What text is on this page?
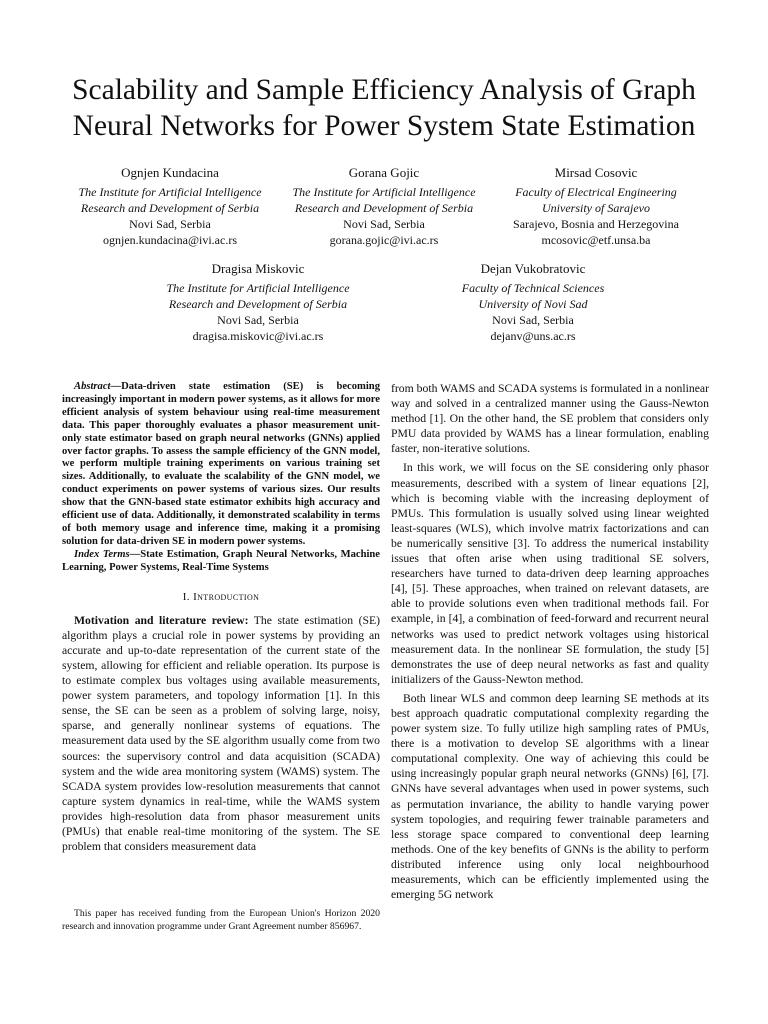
Scalability and Sample Efficiency Analysis of Graph
Neural Networks for Power System State Estimation
Ognjen Kundacina
The Institute for Artificial Intelligence
Research and Development of Serbia
Novi Sad, Serbia
ognjen.kundacina@ivi.ac.rs
Gorana Gojic
The Institute for Artificial Intelligence
Research and Development of Serbia
Novi Sad, Serbia
gorana.gojic@ivi.ac.rs
Mirsad Cosovic
Faculty of Electrical Engineering
University of Sarajevo
Sarajevo, Bosnia and Herzegovina
mcosovic@etf.unsa.ba
Dragisa Miskovic
The Institute for Artificial Intelligence
Research and Development of Serbia
Novi Sad, Serbia
dragisa.miskovic@ivi.ac.rs
Dejan Vukobratovic
Faculty of Technical Sciences
University of Novi Sad
Novi Sad, Serbia
dejanv@uns.ac.rs

Abstract—Data-driven state estimation (SE) is becoming increasingly important in modern power systems, as it allows for more efficient analysis of system behaviour using real-time measurement data. This paper thoroughly evaluates a phasor measurement unit-only state estimator based on graph neural networks (GNNs) applied over factor graphs. To assess the sample efficiency of the GNN model, we perform multiple training experiments on various training set sizes. Additionally, to evaluate the scalability of the GNN model, we conduct experiments on power systems of various sizes. Our results show that the GNN-based state estimator exhibits high accuracy and efficient use of data. Additionally, it demonstrated scalability in terms of both memory usage and inference time, making it a promising solution for data-driven SE in modern power systems.

Index Terms—State Estimation, Graph Neural Networks, Machine Learning, Power Systems, Real-Time Systems

I. Introduction

Motivation and literature review: The state estimation (SE) algorithm plays a crucial role in power systems by providing an accurate and up-to-date representation of the current state of the system, allowing for efficient and reliable operation. Its purpose is to estimate complex bus voltages using available measurements, power system parameters, and topology information [1]. In this sense, the SE can be seen as a problem of solving large, noisy, sparse, and generally nonlinear systems of equations. The measurement data used by the SE algorithm usually come from two sources: the supervisory control and data acquisition (SCADA) system and the wide area monitoring system (WAMS) system. The SCADA system provides low-resolution measurements that cannot capture system dynamics in real-time, while the WAMS system provides high-resolution data from phasor measurement units (PMUs) that enable real-time monitoring of the system. The SE problem that considers measurement data

from both WAMS and SCADA systems is formulated in a nonlinear way and solved in a centralized manner using the Gauss-Newton method [1]. On the other hand, the SE problem that considers only PMU data provided by WAMS has a linear formulation, enabling faster, non-iterative solutions.

In this work, we will focus on the SE considering only phasor measurements, described with a system of linear equations [2], which is becoming viable with the increasing deployment of PMUs. This formulation is usually solved using linear weighted least-squares (WLS), which involve matrix factorizations and can be numerically sensitive [3]. To address the numerical instability issues that often arise when using traditional SE solvers, researchers have turned to data-driven deep learning approaches [4], [5]. These approaches, when trained on relevant datasets, are able to provide solutions even when traditional methods fail. For example, in [4], a combination of feed-forward and recurrent neural networks was used to predict network voltages using historical measurement data. In the nonlinear SE formulation, the study [5] demonstrates the use of deep neural networks as fast and quality initializers of the Gauss-Newton method.

Both linear WLS and common deep learning SE methods at its best approach quadratic computational complexity regarding the power system size. To fully utilize high sampling rates of PMUs, there is a motivation to develop SE algorithms with a linear computational complexity. One way of achieving this could be using increasingly popular graph neural networks (GNNs) [6], [7]. GNNs have several advantages when used in power systems, such as permutation invariance, the ability to handle varying power system topologies, and requiring fewer trainable parameters and less storage space compared to conventional deep learning methods. One of the key benefits of GNNs is the ability to perform distributed inference using only local neighbourhood measurements, which can be efficiently implemented using the emerging 5G network

This paper has received funding from the European Union's Horizon 2020 research and innovation programme under Grant Agreement number 856967.
